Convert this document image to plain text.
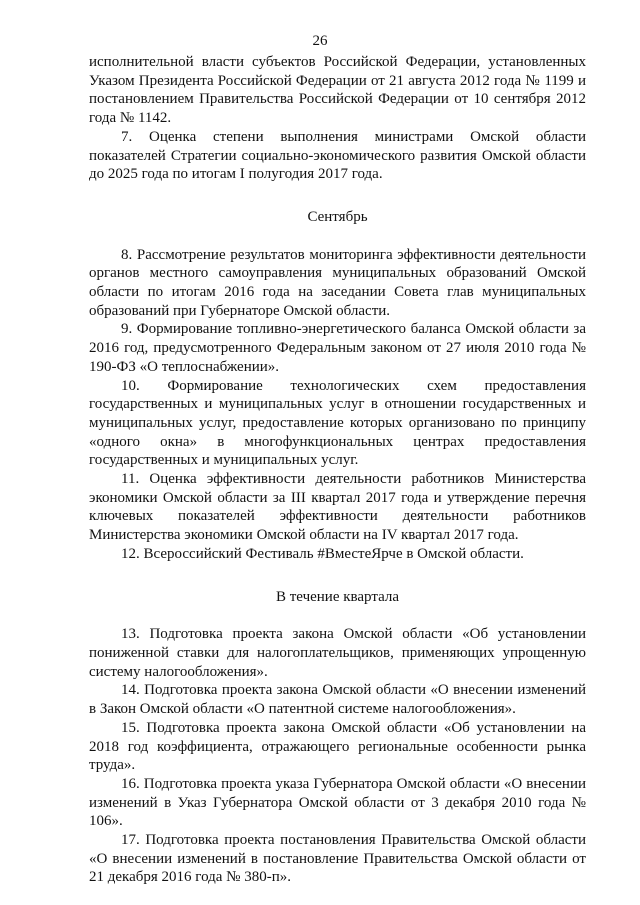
26

исполнительной власти субъектов Российской Федерации, установленных Указом Президента Российской Федерации от 21 августа 2012 года № 1199 и постановлением Правительства Российской Федерации от 10 сентября 2012 года № 1142.

7. Оценка степени выполнения министрами Омской области показателей Стратегии социально-экономического развития Омской области до 2025 года по итогам I полугодия 2017 года.

Сентябрь

8. Рассмотрение результатов мониторинга эффективности деятельности органов местного самоуправления муниципальных образований Омской области по итогам 2016 года на заседании Совета глав муниципальных образований при Губернаторе Омской области.

9. Формирование топливно-энергетического баланса Омской области за 2016 год, предусмотренного Федеральным законом от 27 июля 2010 года № 190-ФЗ «О теплоснабжении».

10. Формирование технологических схем предоставления государственных и муниципальных услуг в отношении государственных и муниципальных услуг, предоставление которых организовано по принципу «одного окна» в многофункциональных центрах предоставления государственных и муниципальных услуг.

11. Оценка эффективности деятельности работников Министерства экономики Омской области за III квартал 2017 года и утверждение перечня ключевых показателей эффективности деятельности работников Министерства экономики Омской области на IV квартал 2017 года.

12. Всероссийский Фестиваль #ВместеЯрче в Омской области.

В течение квартала

13. Подготовка проекта закона Омской области «Об установлении пониженной ставки для налогоплательщиков, применяющих упрощенную систему налогообложения».

14. Подготовка проекта закона Омской области «О внесении изменений в Закон Омской области «О патентной системе налогообложения».

15. Подготовка проекта закона Омской области «Об установлении на 2018 год коэффициента, отражающего региональные особенности рынка труда».

16. Подготовка проекта указа Губернатора Омской области «О внесении изменений в Указ Губернатора Омской области от 3 декабря 2010 года № 106».

17. Подготовка проекта постановления Правительства Омской области «О внесении изменений в постановление Правительства Омской области от 21 декабря 2016 года № 380-п».
